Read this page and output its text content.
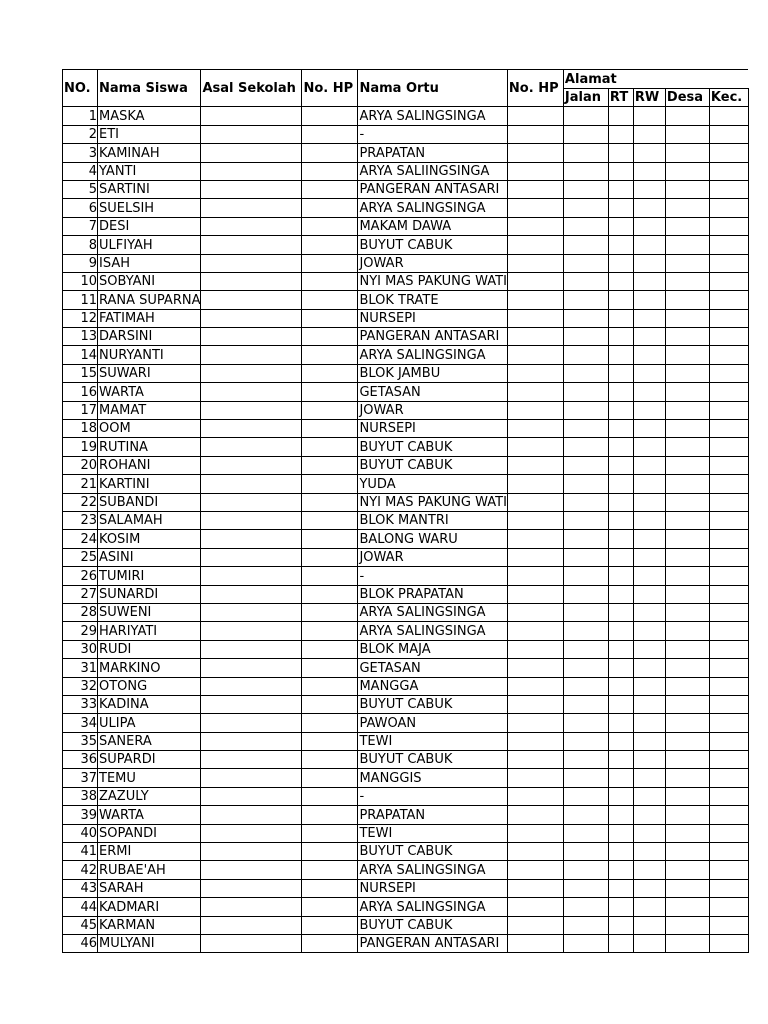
NO.	Nama Siswa	Asal Sekolah	No. HP	Nama Ortu	No. HP	Alamat				
						Jalan	RT	RW	Desa	Kec.
1	MASKA			ARYA SALINGSINGA						
2	ETI			-						
3	KAMINAH			PRAPATAN						
4	YANTI			ARYA SALIINGSINGA						
5	SARTINI			PANGERAN ANTASARI						
6	SUELSIH			ARYA SALINGSINGA						
7	DESI			MAKAM DAWA						
8	ULFIYAH			BUYUT CABUK						
9	ISAH			JOWAR						
10	SOBYANI			NYI MAS PAKUNG WATI						
11	RANA SUPARNA			BLOK TRATE						
12	FATIMAH			NURSEPI						
13	DARSINI			PANGERAN ANTASARI						
14	NURYANTI			ARYA SALINGSINGA						
15	SUWARI			BLOK JAMBU						
16	WARTA			GETASAN						
17	MAMAT			JOWAR						
18	OOM			NURSEPI						
19	RUTINA			BUYUT CABUK						
20	ROHANI			BUYUT CABUK						
21	KARTINI			YUDA						
22	SUBANDI			NYI MAS PAKUNG WATI						
23	SALAMAH			BLOK MANTRI						
24	KOSIM			BALONG WARU						
25	ASINI			JOWAR						
26	TUMIRI			-						
27	SUNARDI			BLOK PRAPATAN						
28	SUWENI			ARYA SALINGSINGA						
29	HARIYATI			ARYA SALINGSINGA						
30	RUDI			BLOK MAJA						
31	MARKINO			GETASAN						
32	OTONG			MANGGA						
33	KADINA			BUYUT CABUK						
34	ULIPA			PAWOAN						
35	SANERA			TEWI						
36	SUPARDI			BUYUT CABUK						
37	TEMU			MANGGIS						
38	ZAZULY			-						
39	WARTA			PRAPATAN						
40	SOPANDI			TEWI						
41	ERMI			BUYUT CABUK						
42	RUBAE'AH			ARYA SALINGSINGA						
43	SARAH			NURSEPI						
44	KADMARI			ARYA SALINGSINGA						
45	KARMAN			BUYUT CABUK						
46	MULYANI			PANGERAN ANTASARI						
